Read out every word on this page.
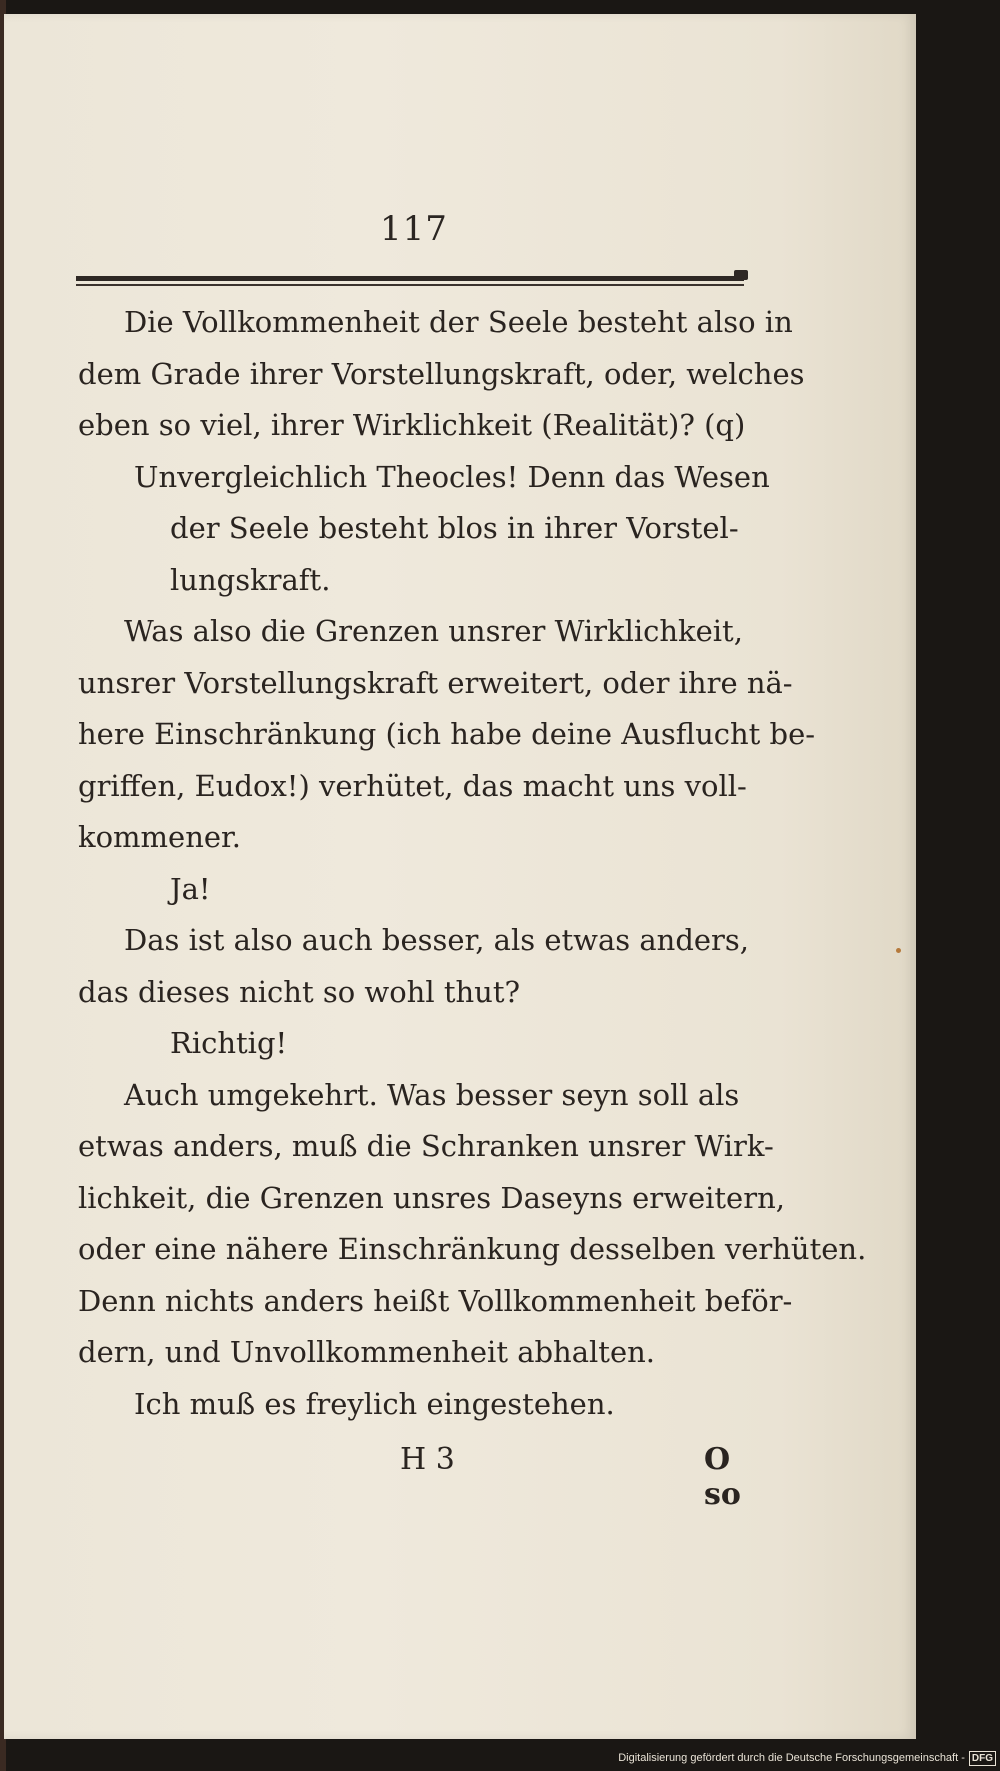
117
Die Vollkommenheit der Seele besteht also in
dem Grade ihrer Vorstellungskraft, oder, welches
eben so viel, ihrer Wirklichkeit (Realität)? (q)
Unvergleichlich Theocles! Denn das Wesen
der Seele besteht blos in ihrer Vorstel-
lungskraft.
Was also die Grenzen unsrer Wirklichkeit,
unsrer Vorstellungskraft erweitert, oder ihre nä-
here Einschränkung (ich habe deine Ausflucht be-
griffen, Eudox!) verhütet, das macht uns voll-
kommener.
Ja!
Das ist also auch besser, als etwas anders,
das dieses nicht so wohl thut?
Richtig!
Auch umgekehrt. Was besser seyn soll als
etwas anders, muß die Schranken unsrer Wirk-
lichkeit, die Grenzen unsres Daseyns erweitern,
oder eine nähere Einschränkung desselben verhüten.
Denn nichts anders heißt Vollkommenheit beför-
dern, und Unvollkommenheit abhalten.
Ich muß es freylich eingestehen.
H 3	O so
Digitalisierung gefördert durch die Deutsche Forschungsgemeinschaft - DFG
